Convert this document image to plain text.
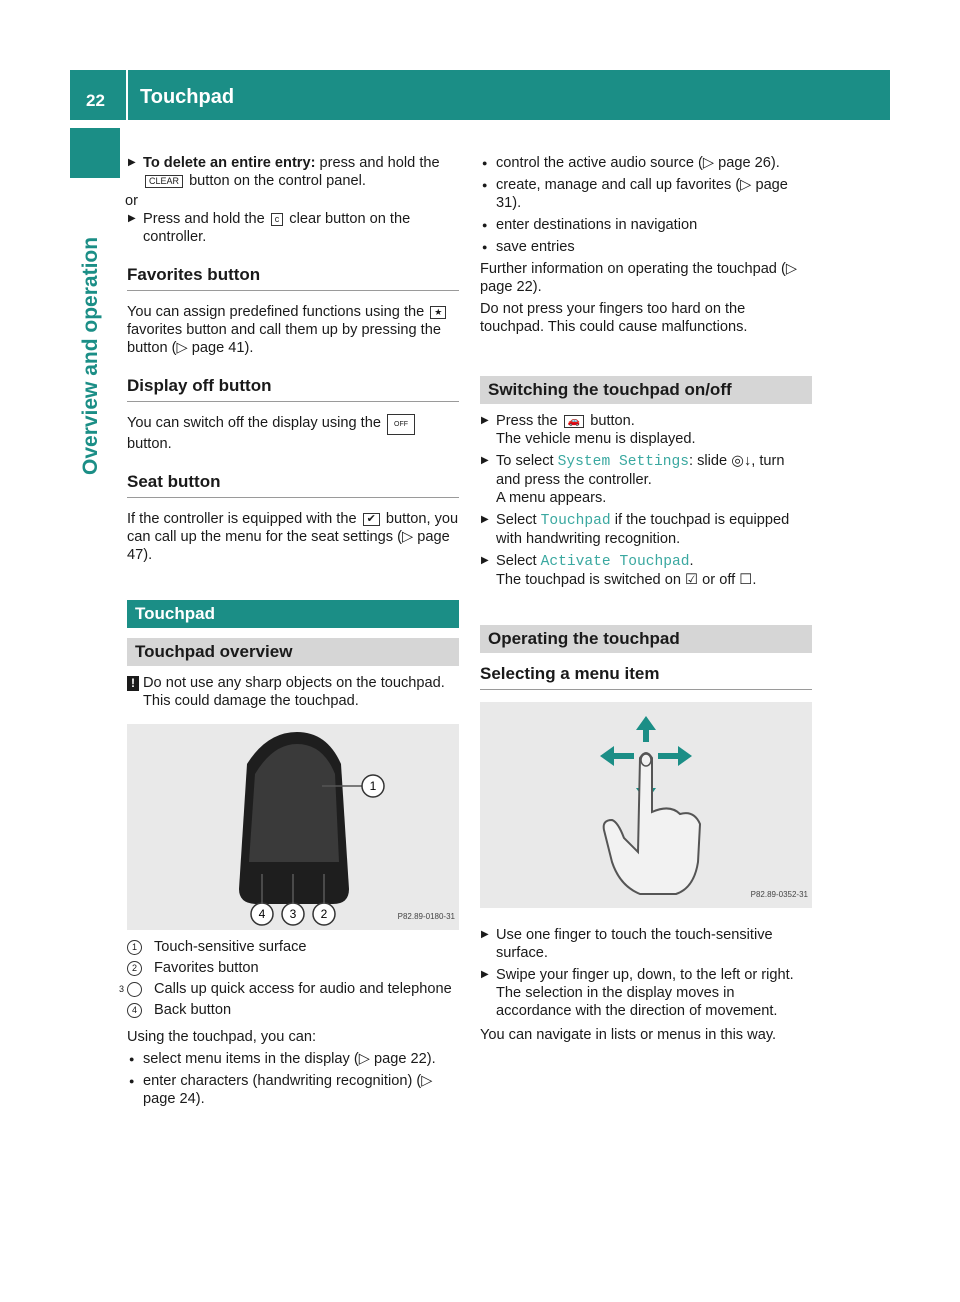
22 Touchpad
Overview and operation

▶ To delete an entire entry: press and hold the
CLEAR button on the control panel.

or

▶ Press and hold the c clear button on the controller.

Favorites button

You can assign predefined functions using the ★ favorites button and call them up by pressing the button (▷ page 41).

Display off button

You can switch off the display using the OFF
button.

Seat button

If the controller is equipped with the ✔ button, you can call up the menu for the seat settings (▷ page 47).

Touchpad
Touchpad overview

! Do not use any sharp objects on the touchpad. This could damage the touchpad.

1
4 3 2	P82.89-0180-31

1 Touch-sensitive surface

2 Favorites button

3 Calls up quick access for audio and telephone

4 Back button

Using the touchpad, you can:

● select menu items in the display (▷ page 22).

● enter characters (handwriting recognition) (▷ page 24).

● control the active audio source (▷ page 26).

● create, manage and call up favorites (▷ page 31).

● enter destinations in navigation

● save entries

Further information on operating the touchpad (▷ page 22).

Do not press your fingers too hard on the touchpad. This could cause malfunctions.

Switching the touchpad on/off

▶ Press the 🚗 button.
The vehicle menu is displayed.

▶ To select System Settings: slide ◎↓, turn and press the controller.
A menu appears.

▶ Select Touchpad if the touchpad is equipped with handwriting recognition.

▶ Select Activate Touchpad.
The touchpad is switched on ☑ or off ☐.

Operating the touchpad
Selecting a menu item
P82.89-0352-31

▶ Use one finger to touch the touch-sensitive surface.

▶ Swipe your finger up, down, to the left or right.
The selection in the display moves in accordance with the direction of movement.

You can navigate in lists or menus in this way.
